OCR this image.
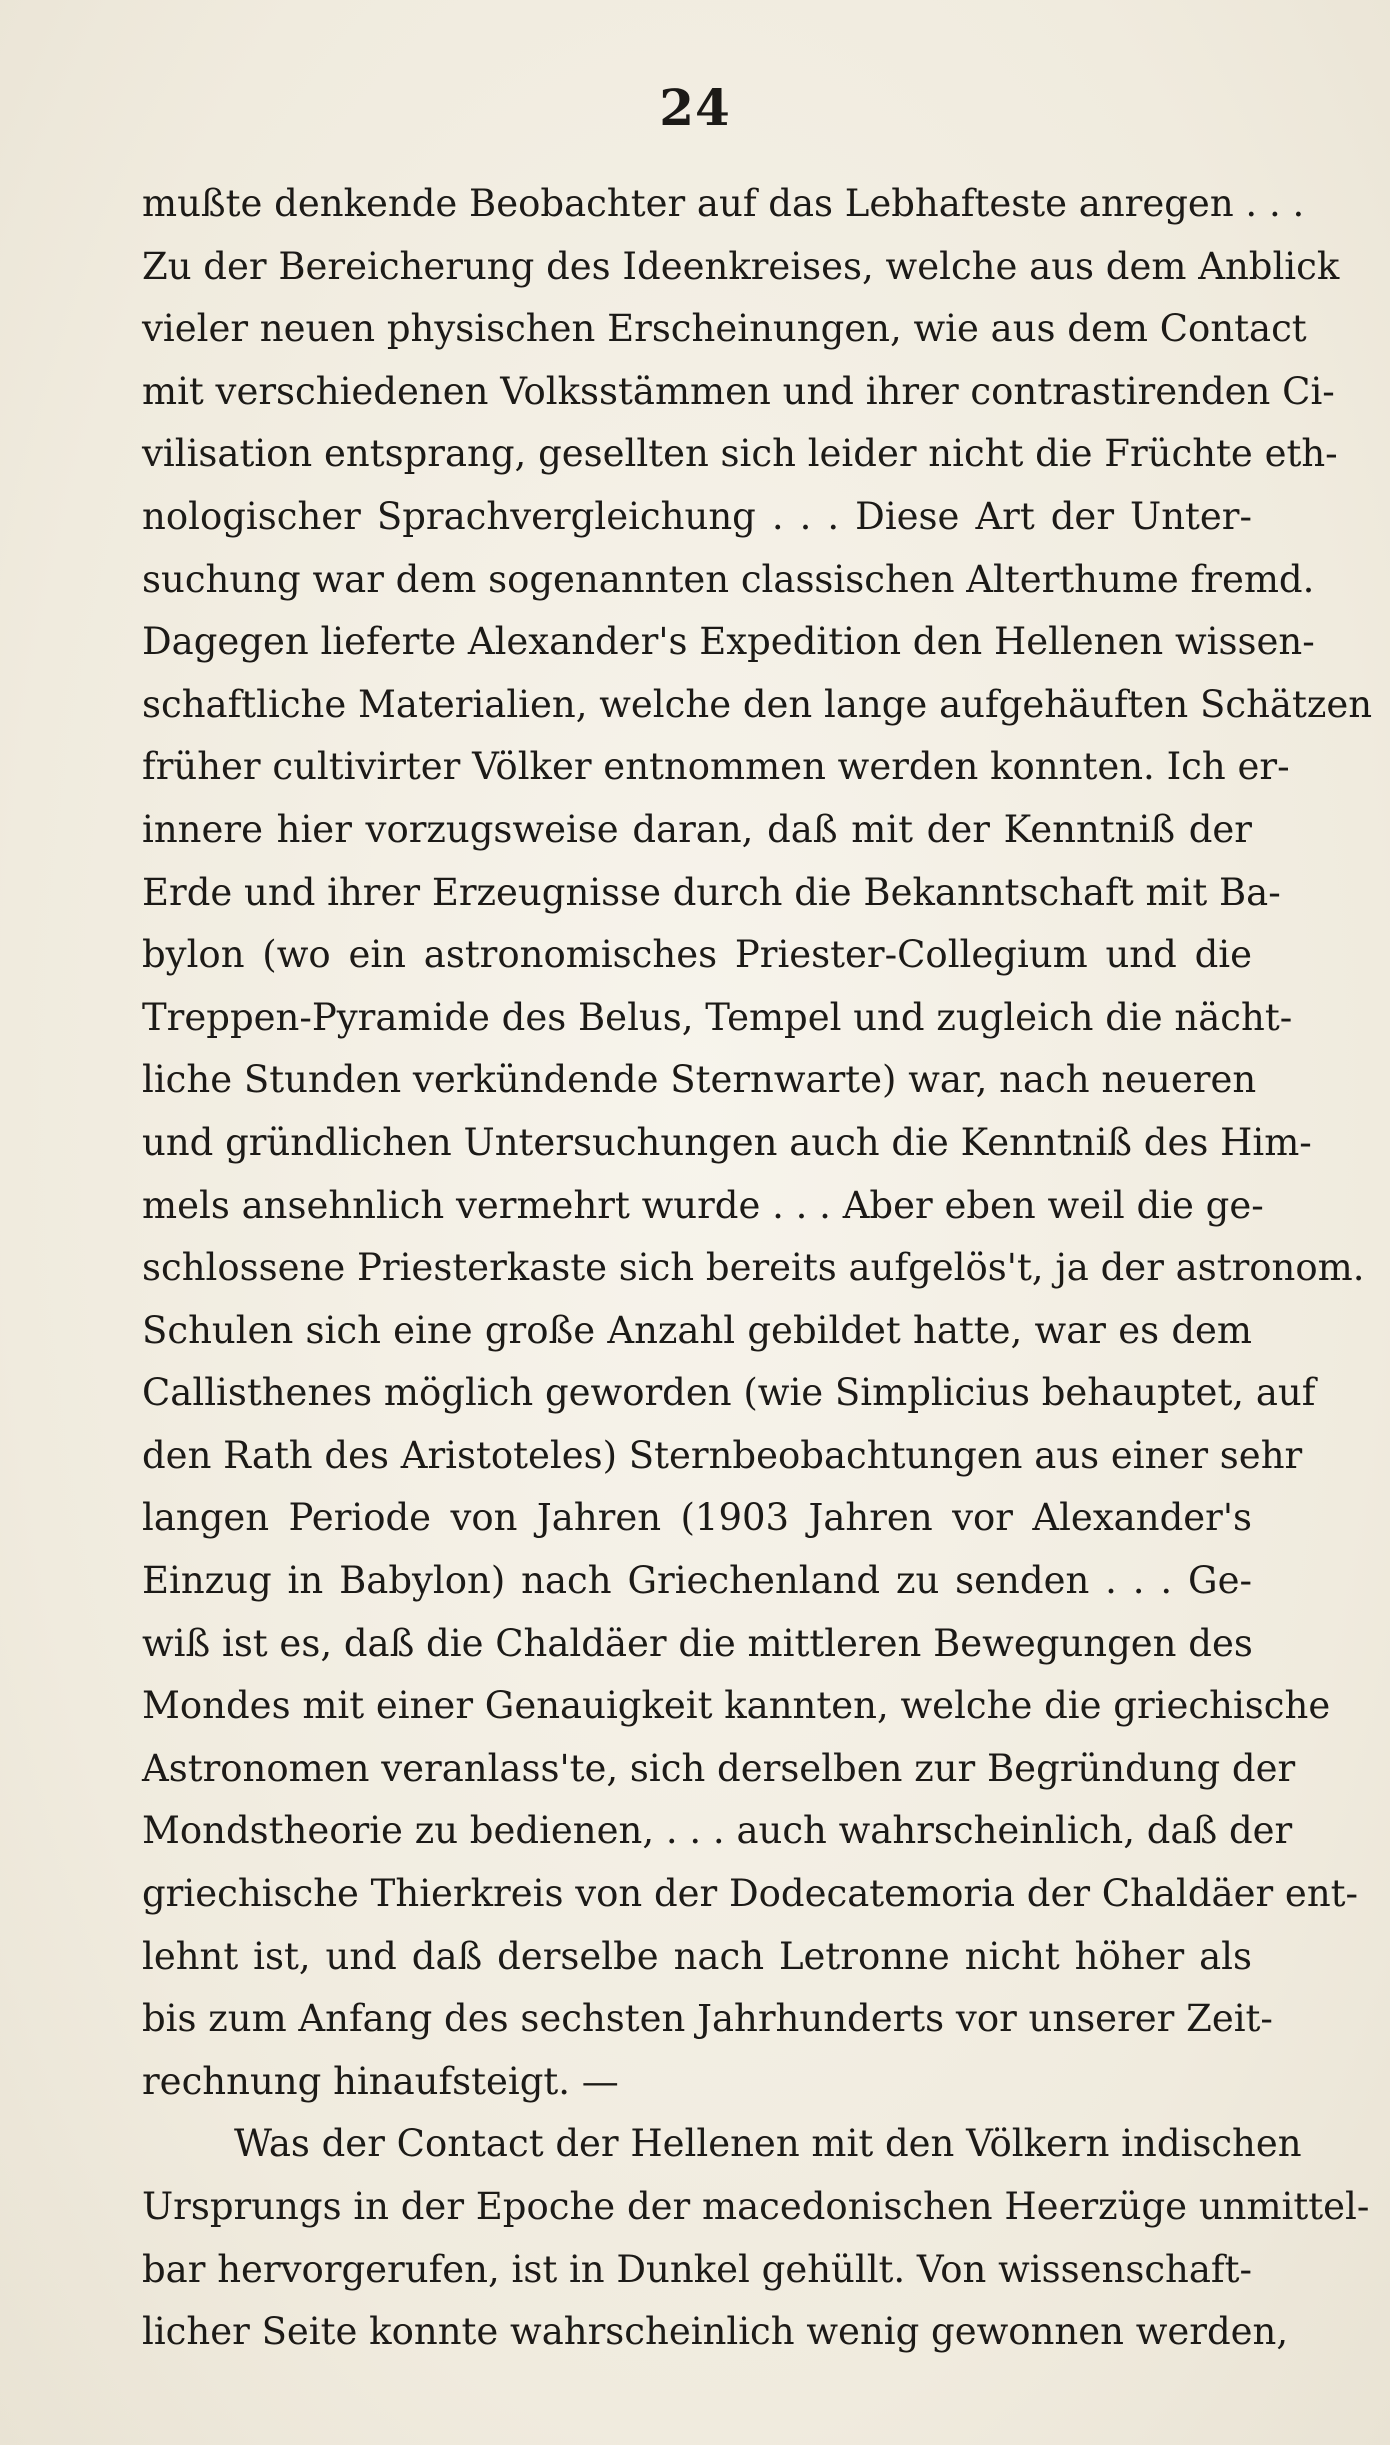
24
mußte denkende Beobachter auf das Lebhafteste anregen . . .
Zu der Bereicherung des Ideenkreises, welche aus dem Anblick
vieler neuen physischen Erscheinungen, wie aus dem Contact
mit verschiedenen Volksstämmen und ihrer contrastirenden Ci-
vilisation entsprang, gesellten sich leider nicht die Früchte eth-
nologischer Sprachvergleichung . . . Diese Art der Unter-
suchung war dem sogenannten classischen Alterthume fremd.
Dagegen lieferte Alexander's Expedition den Hellenen wissen-
schaftliche Materialien, welche den lange aufgehäuften Schätzen
früher cultivirter Völker entnommen werden konnten. Ich er-
innere hier vorzugsweise daran, daß mit der Kenntniß der
Erde und ihrer Erzeugnisse durch die Bekanntschaft mit Ba-
bylon (wo ein astronomisches Priester-Collegium und die
Treppen-Pyramide des Belus, Tempel und zugleich die nächt-
liche Stunden verkündende Sternwarte) war, nach neueren
und gründlichen Untersuchungen auch die Kenntniß des Him-
mels ansehnlich vermehrt wurde . . . Aber eben weil die ge-
schlossene Priesterkaste sich bereits aufgelös't, ja der astronom.
Schulen sich eine große Anzahl gebildet hatte, war es dem
Callisthenes möglich geworden (wie Simplicius behauptet, auf
den Rath des Aristoteles) Sternbeobachtungen aus einer sehr
langen Periode von Jahren (1903 Jahren vor Alexander's
Einzug in Babylon) nach Griechenland zu senden . . . Ge-
wiß ist es, daß die Chaldäer die mittleren Bewegungen des
Mondes mit einer Genauigkeit kannten, welche die griechische
Astronomen veranlass'te, sich derselben zur Begründung der
Mondstheorie zu bedienen, . . . auch wahrscheinlich, daß der
griechische Thierkreis von der Dodecatemoria der Chaldäer ent-
lehnt ist, und daß derselbe nach Letronne nicht höher als
bis zum Anfang des sechsten Jahrhunderts vor unserer Zeit-
rechnung hinaufsteigt. —
Was der Contact der Hellenen mit den Völkern indischen
Ursprungs in der Epoche der macedonischen Heerzüge unmittel-
bar hervorgerufen, ist in Dunkel gehüllt. Von wissenschaft-
licher Seite konnte wahrscheinlich wenig gewonnen werden,
